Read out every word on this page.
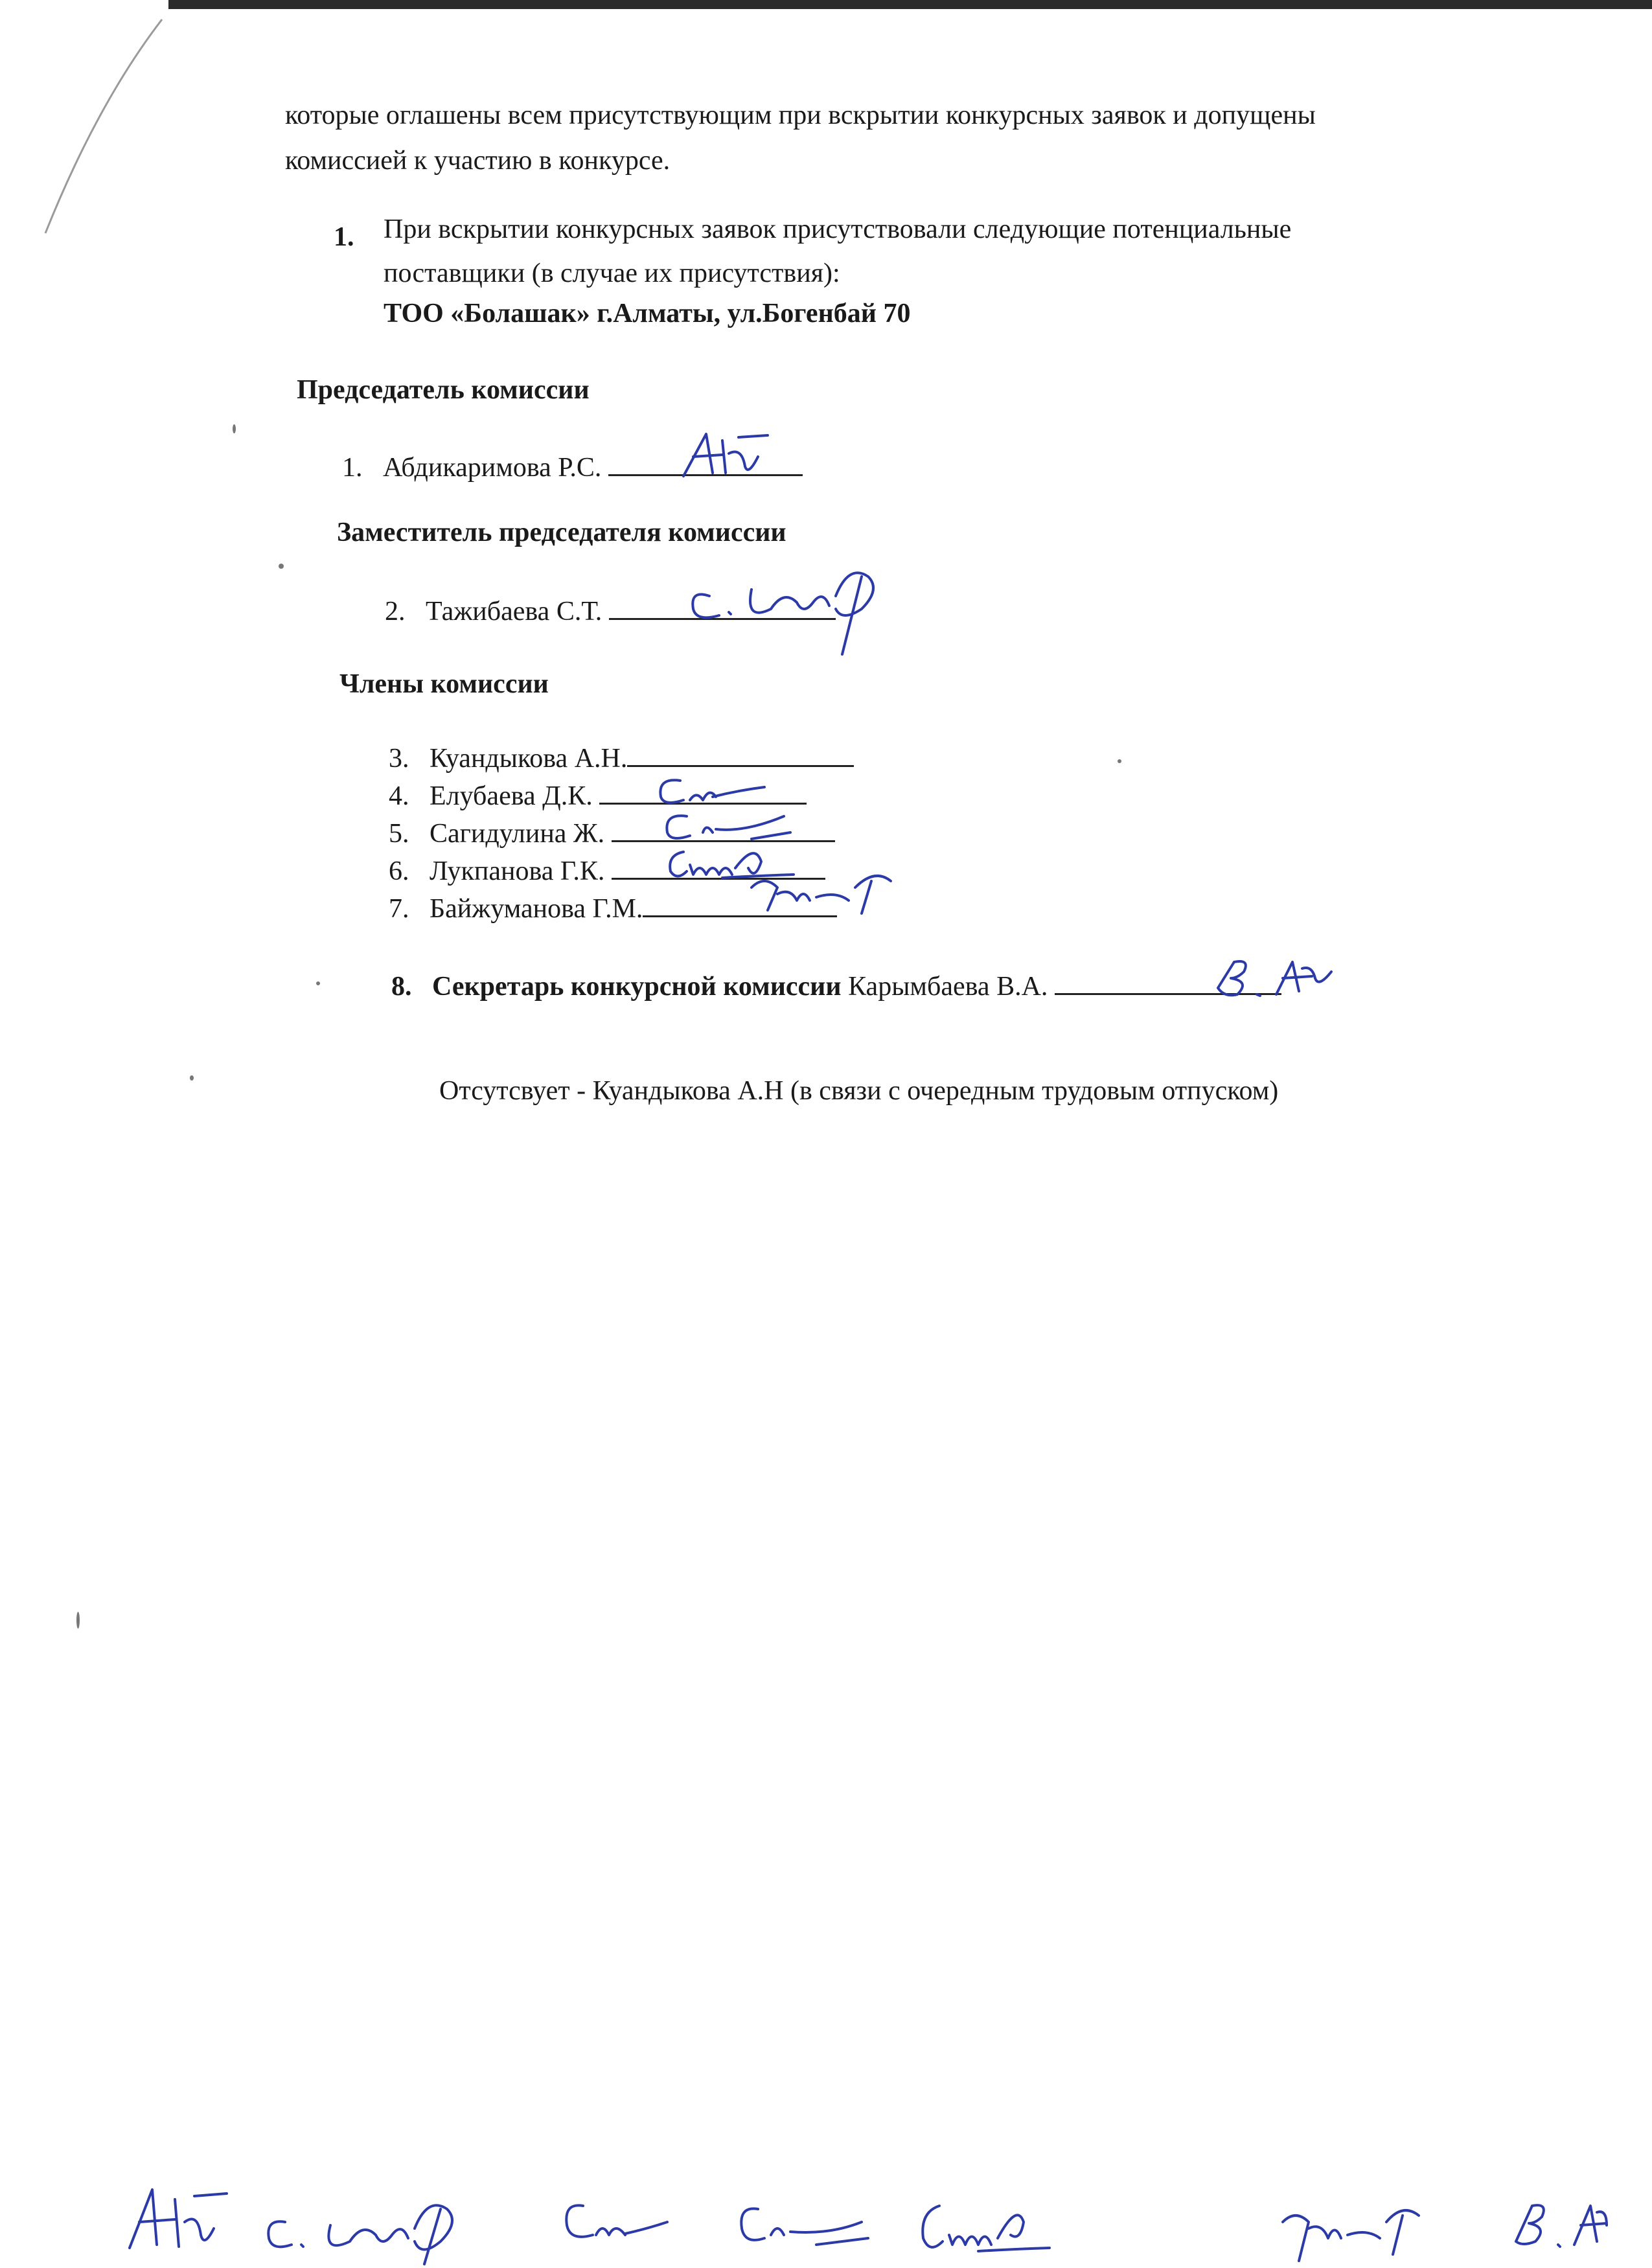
которые оглашены всем присутствующим при вскрытии конкурсных заявок и допущены
комиссией к участию в конкурсе.
1. При вскрытии конкурсных заявок присутствовали следующие потенциальные
поставщики (в случае их присутствия):
ТОО «Болашак» г.Алматы, ул.Богенбай 70
Председатель комиссии
1. Абдикаримова Р.С.
Заместитель председателя комиссии
2. Тажибаева С.Т.
Члены комиссии
3. Куандыкова А.Н.
4. Елубаева Д.К.
5. Сагидулина Ж.
6. Лукпанова Г.К.
7. Байжуманова Г.М.
8. Секретарь конкурсной комиссии Карымбаева В.А.
Отсутсвует - Куандыкова А.Н (в связи с очередным трудовым отпуском)
